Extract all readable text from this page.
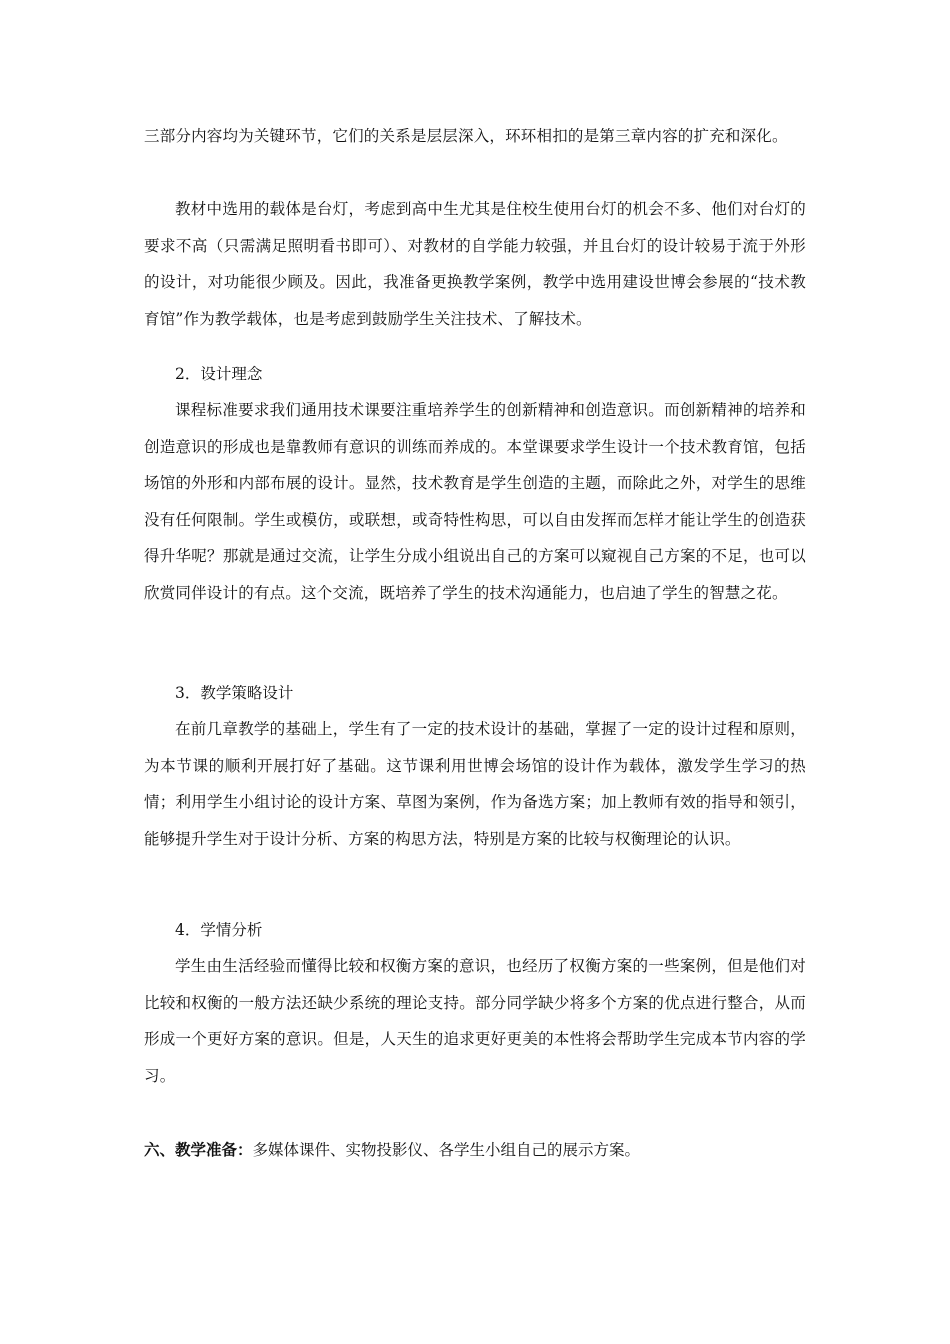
三部分内容均为关键环节，它们的关系是层层深入，环环相扣的是第三章内容的扩充和深化。

教材中选用的载体是台灯，考虑到高中生尤其是住校生使用台灯的机会不多、他们对台灯的要求不高（只需满足照明看书即可）、对教材的自学能力较强，并且台灯的设计较易于流于外形的设计，对功能很少顾及。因此，我准备更换教学案例，教学中选用建设世博会参展的“技术教育馆”作为教学载体，也是考虑到鼓励学生关注技术、了解技术。

2．设计理念

课程标准要求我们通用技术课要注重培养学生的创新精神和创造意识。而创新精神的培养和创造意识的形成也是靠教师有意识的训练而养成的。本堂课要求学生设计一个技术教育馆，包括场馆的外形和内部布展的设计。显然，技术教育是学生创造的主题，而除此之外，对学生的思维没有任何限制。学生或模仿，或联想，或奇特性构思，可以自由发挥而怎样才能让学生的创造获得升华呢？那就是通过交流，让学生分成小组说出自己的方案可以窥视自己方案的不足，也可以欣赏同伴设计的有点。这个交流，既培养了学生的技术沟通能力，也启迪了学生的智慧之花。

3．教学策略设计

在前几章教学的基础上，学生有了一定的技术设计的基础，掌握了一定的设计过程和原则，为本节课的顺利开展打好了基础。这节课利用世博会场馆的设计作为载体，激发学生学习的热情；利用学生小组讨论的设计方案、草图为案例，作为备选方案；加上教师有效的指导和领引，能够提升学生对于设计分析、方案的构思方法，特别是方案的比较与权衡理论的认识。

4．学情分析

学生由生活经验而懂得比较和权衡方案的意识，也经历了权衡方案的一些案例，但是他们对比较和权衡的一般方法还缺少系统的理论支持。部分同学缺少将多个方案的优点进行整合，从而形成一个更好方案的意识。但是，人天生的追求更好更美的本性将会帮助学生完成本节内容的学习。

六、教学准备：多媒体课件、实物投影仪、各学生小组自己的展示方案。
